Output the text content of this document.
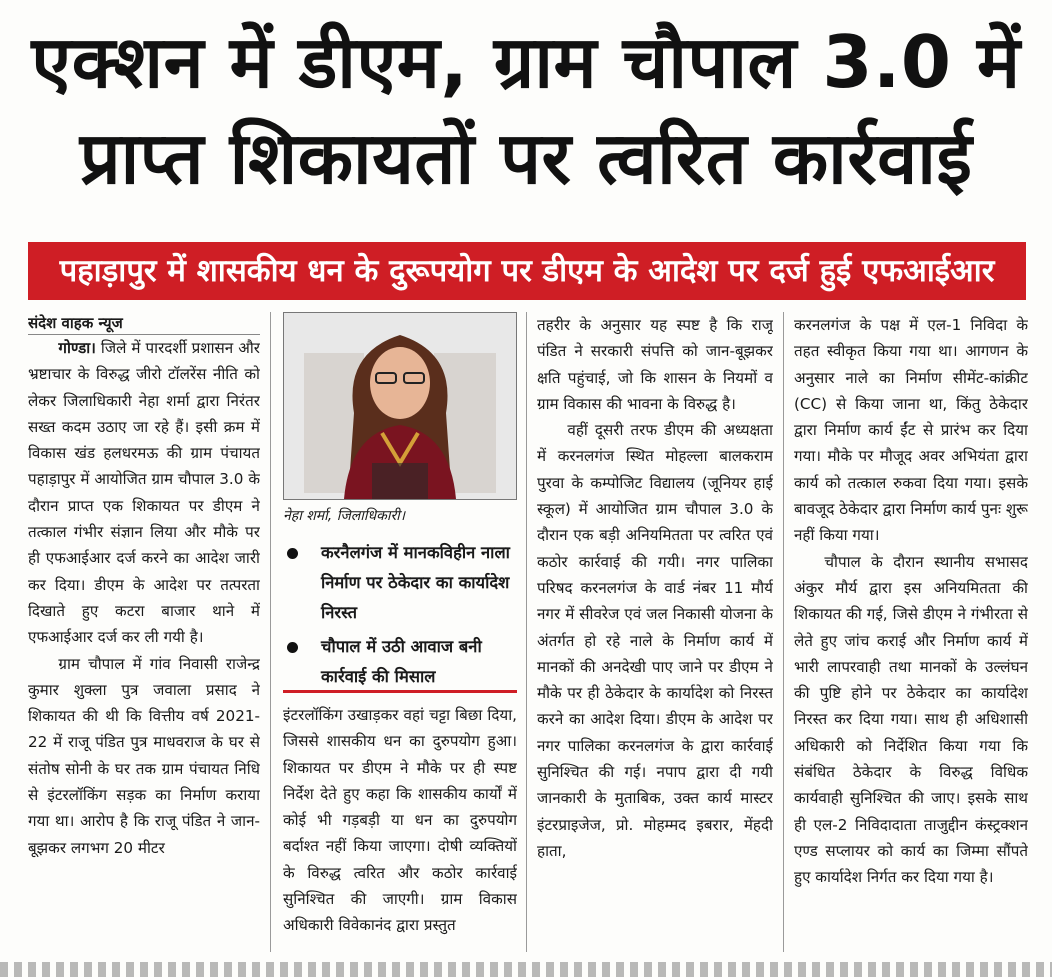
एक्शन में डीएम, ग्राम चौपाल 3.0 में
प्राप्त शिकायतों पर त्वरित कार्रवाई
पहाड़ापुर में शासकीय धन के दुरूपयोग पर डीएम के आदेश पर दर्ज हुई एफआईआर

संदेश वाहक न्यूज

गोण्डा। जिले में पारदर्शी प्रशासन और भ्रष्टाचार के विरुद्ध जीरो टॉलरेंस नीति को लेकर जिलाधिकारी नेहा शर्मा द्वारा निरंतर सख्त कदम उठाए जा रहे हैं। इसी क्रम में विकास खंड हलधरमऊ की ग्राम पंचायत पहाड़ापुर में आयोजित ग्राम चौपाल 3.0 के दौरान प्राप्त एक शिकायत पर डीएम ने तत्काल गंभीर संज्ञान लिया और मौके पर ही एफआईआर दर्ज करने का आदेश जारी कर दिया। डीएम के आदेश पर तत्परता दिखाते हुए कटरा बाजार थाने में एफआईआर दर्ज कर ली गयी है।

ग्राम चौपाल में गांव निवासी राजेन्द्र कुमार शुक्ला पुत्र जवाला प्रसाद ने शिकायत की थी कि वित्तीय वर्ष 2021-22 में राजू पंडित पुत्र माधवराज के घर से संतोष सोनी के घर तक ग्राम पंचायत निधि से इंटरलॉकिंग सड़क का निर्माण कराया गया था। आरोप है कि राजू पंडित ने जान-बूझकर लगभग 20 मीटर

नेहा शर्मा, जिलाधिकारी।
करनैलगंज में मानकविहीन नाला निर्माण पर ठेकेदार का कार्यादेश निरस्त
चौपाल में उठी आवाज बनी कार्रवाई की मिसाल

इंटरलॉकिंग उखाड़कर वहां चट्टा बिछा दिया, जिससे शासकीय धन का दुरुपयोग हुआ। शिकायत पर डीएम ने मौके पर ही स्पष्ट निर्देश देते हुए कहा कि शासकीय कार्यों में कोई भी गड़बड़ी या धन का दुरुपयोग बर्दाश्त नहीं किया जाएगा। दोषी व्यक्तियों के विरुद्ध त्वरित और कठोर कार्रवाई सुनिश्चित की जाएगी। ग्राम विकास अधिकारी विवेकानंद द्वारा प्रस्तुत

तहरीर के अनुसार यह स्पष्ट है कि राजू पंडित ने सरकारी संपत्ति को जान-बूझकर क्षति पहुंचाई, जो कि शासन के नियमों व ग्राम विकास की भावना के विरुद्ध है।

वहीं दूसरी तरफ डीएम की अध्यक्षता में करनलगंज स्थित मोहल्ला बालकराम पुरवा के कम्पोजिट विद्यालय (जूनियर हाई स्कूल) में आयोजित ग्राम चौपाल 3.0 के दौरान एक बड़ी अनियमितता पर त्वरित एवं कठोर कार्रवाई की गयी। नगर पालिका परिषद करनलगंज के वार्ड नंबर 11 मौर्य नगर में सीवरेज एवं जल निकासी योजना के अंतर्गत हो रहे नाले के निर्माण कार्य में मानकों की अनदेखी पाए जाने पर डीएम ने मौके पर ही ठेकेदार के कार्यादेश को निरस्त करने का आदेश दिया। डीएम के आदेश पर नगर पालिका करनलगंज के द्वारा कार्रवाई सुनिश्चित की गई। नपाप द्वारा दी गयी जानकारी के मुताबिक, उक्त कार्य मास्टर इंटरप्राइजेज, प्रो. मोहम्मद इबरार, मेंहदी हाता,

करनलगंज के पक्ष में एल-1 निविदा के तहत स्वीकृत किया गया था। आगणन के अनुसार नाले का निर्माण सीमेंट-कांक्रीट (CC) से किया जाना था, किंतु ठेकेदार द्वारा निर्माण कार्य ईंट से प्रारंभ कर दिया गया। मौके पर मौजूद अवर अभियंता द्वारा कार्य को तत्काल रुकवा दिया गया। इसके बावजूद ठेकेदार द्वारा निर्माण कार्य पुनः शुरू नहीं किया गया।

चौपाल के दौरान स्थानीय सभासद अंकुर मौर्य द्वारा इस अनियमितता की शिकायत की गई, जिसे डीएम ने गंभीरता से लेते हुए जांच कराई और निर्माण कार्य में भारी लापरवाही तथा मानकों के उल्लंघन की पुष्टि होने पर ठेकेदार का कार्यादेश निरस्त कर दिया गया। साथ ही अधिशासी अधिकारी को निर्देशित किया गया कि संबंधित ठेकेदार के विरुद्ध विधिक कार्यवाही सुनिश्चित की जाए। इसके साथ ही एल-2 निविदादाता ताजुद्दीन कंस्ट्रक्शन एण्ड सप्लायर को कार्य का जिम्मा सौंपते हुए कार्यादेश निर्गत कर दिया गया है।
